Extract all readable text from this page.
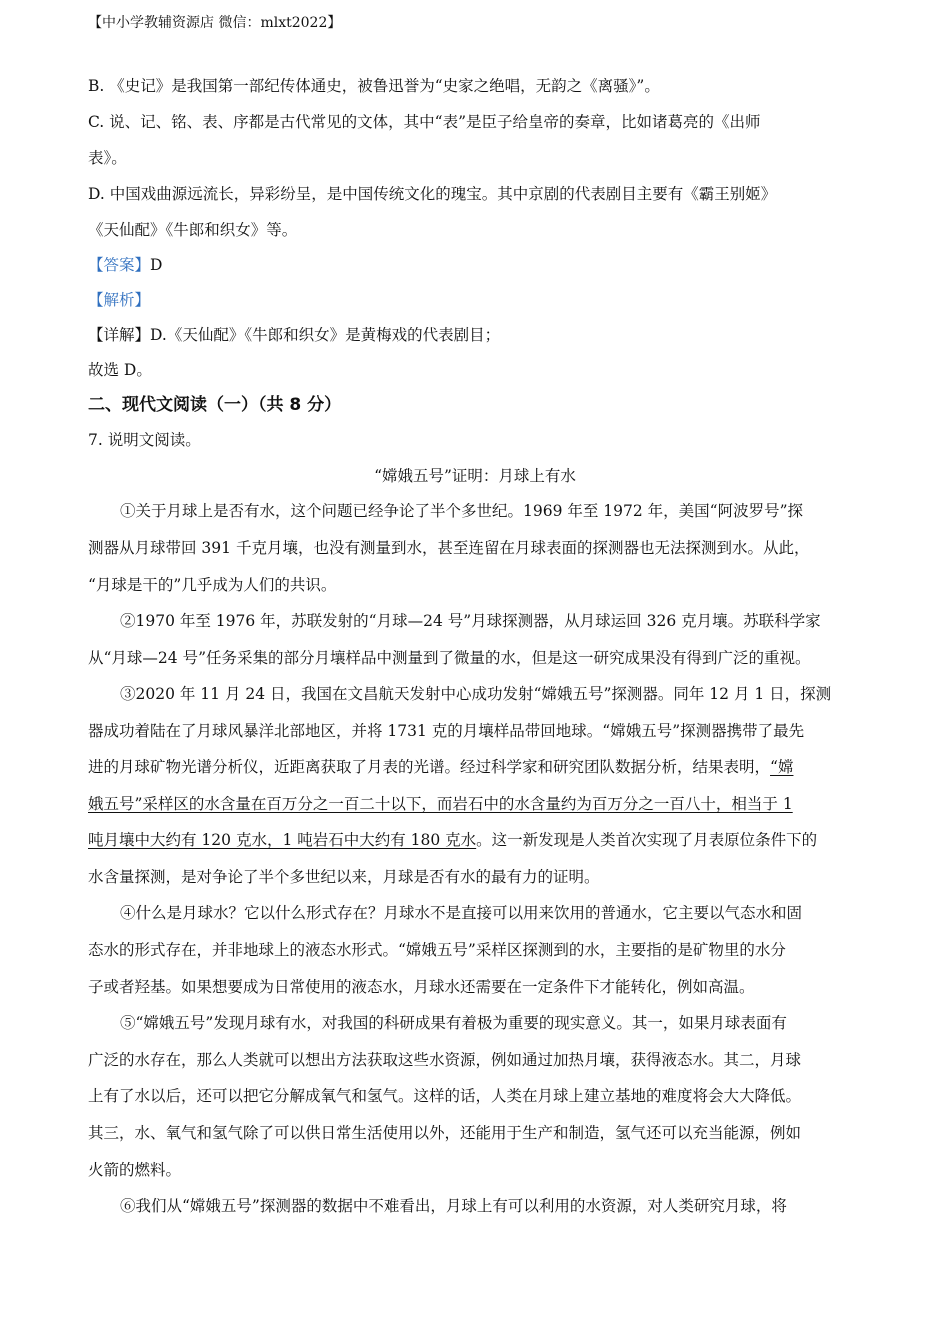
【中小学教辅资源店 微信：mlxt2022】
B. 《史记》是我国第一部纪传体通史，被鲁迅誉为“史家之绝唱，无韵之《离骚》”。
C. 说、记、铭、表、序都是古代常见的文体，其中“表”是臣子给皇帝的奏章，比如诸葛亮的《出师
表》。
D. 中国戏曲源远流长，异彩纷呈，是中国传统文化的瑰宝。其中京剧的代表剧目主要有《霸王别姬》
《天仙配》《牛郎和织女》等。
【答案】D
【解析】
【详解】D.《天仙配》《牛郎和织女》是黄梅戏的代表剧目；
故选 D。
二、现代文阅读（一）（共 8 分）
7. 说明文阅读。
“嫦娥五号”证明：月球上有水
①关于月球上是否有水，这个问题已经争论了半个多世纪。1969 年至 1972 年，美国“阿波罗号”探
测器从月球带回 391 千克月壤，也没有测量到水，甚至连留在月球表面的探测器也无法探测到水。从此，
“月球是干的”几乎成为人们的共识。
②1970 年至 1976 年，苏联发射的“月球—24 号”月球探测器，从月球运回 326 克月壤。苏联科学家
从“月球—24 号”任务采集的部分月壤样品中测量到了微量的水，但是这一研究成果没有得到广泛的重视。
③2020 年 11 月 24 日，我国在文昌航天发射中心成功发射“嫦娥五号”探测器。同年 12 月 1 日，探测
器成功着陆在了月球风暴洋北部地区，并将 1731 克的月壤样品带回地球。“嫦娥五号”探测器携带了最先
进的月球矿物光谱分析仪，近距离获取了月表的光谱。经过科学家和研究团队数据分析，结果表明，“嫦
娥五号”采样区的水含量在百万分之一百二十以下，而岩石中的水含量约为百万分之一百八十，相当于 1
吨月壤中大约有 120 克水，1 吨岩石中大约有 180 克水。这一新发现是人类首次实现了月表原位条件下的
水含量探测，是对争论了半个多世纪以来，月球是否有水的最有力的证明。
④什么是月球水？它以什么形式存在？月球水不是直接可以用来饮用的普通水，它主要以气态水和固
态水的形式存在，并非地球上的液态水形式。“嫦娥五号”采样区探测到的水，主要指的是矿物里的水分
子或者羟基。如果想要成为日常使用的液态水，月球水还需要在一定条件下才能转化，例如高温。
⑤“嫦娥五号”发现月球有水，对我国的科研成果有着极为重要的现实意义。其一，如果月球表面有
广泛的水存在，那么人类就可以想出方法获取这些水资源，例如通过加热月壤，获得液态水。其二，月球
上有了水以后，还可以把它分解成氧气和氢气。这样的话，人类在月球上建立基地的难度将会大大降低。
其三，水、氧气和氢气除了可以供日常生活使用以外，还能用于生产和制造，氢气还可以充当能源，例如
火箭的燃料。
⑥我们从“嫦娥五号”探测器的数据中不难看出，月球上有可以利用的水资源，对人类研究月球，将
